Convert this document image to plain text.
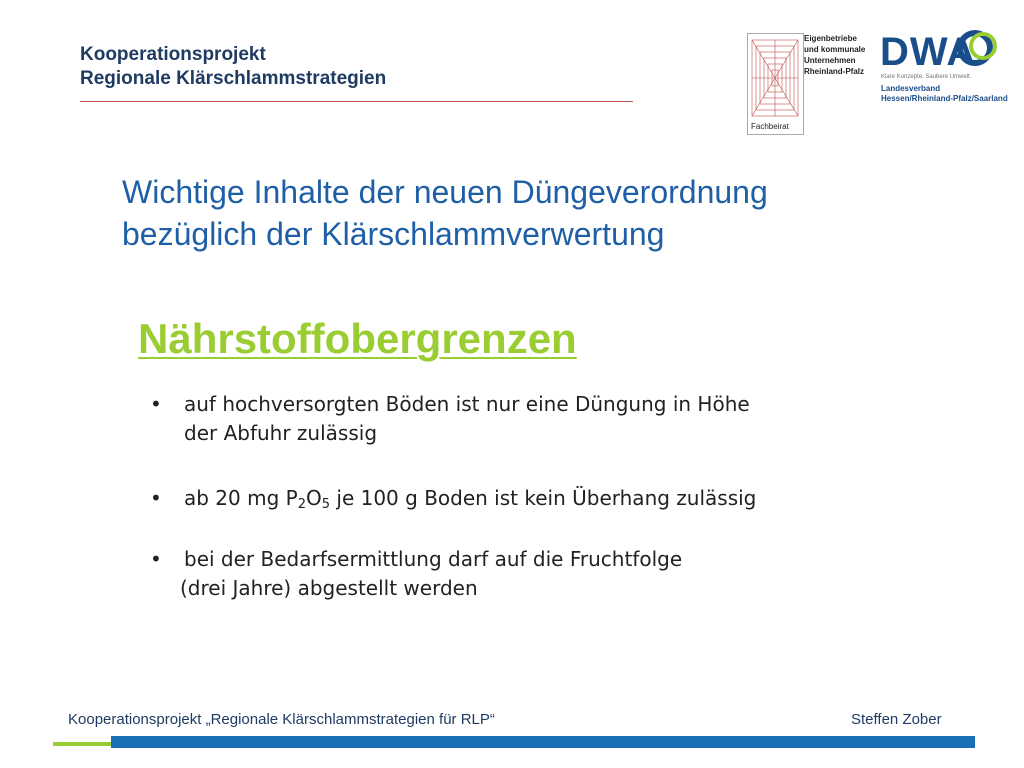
Kooperationsprojekt
Regionale Klärschlammstrategien
Eigenbetriebe
und kommunale
Unternehmen
Rheinland-Pfalz
Fachbeirat
DWA
Klare Konzepte. Saubere Umwelt.
Landesverband
Hessen/Rheinland-Pfalz/Saarland
Wichtige Inhalte der neuen Düngeverordnung
bezüglich der Klärschlammverwertung
Nährstoffobergrenzen
•	auf hochversorgten Böden ist nur eine Düngung in Höhe
der Abfuhr zulässig
•	ab 20 mg $P_2O_5$ je 100 g Boden ist kein Überhang zulässig
•	bei der Bedarfsermittlung darf auf die Fruchtfolge
(drei Jahre) abgestellt werden
Kooperationsprojekt „Regionale Klärschlammstrategien für RLP“	Steffen Zober
